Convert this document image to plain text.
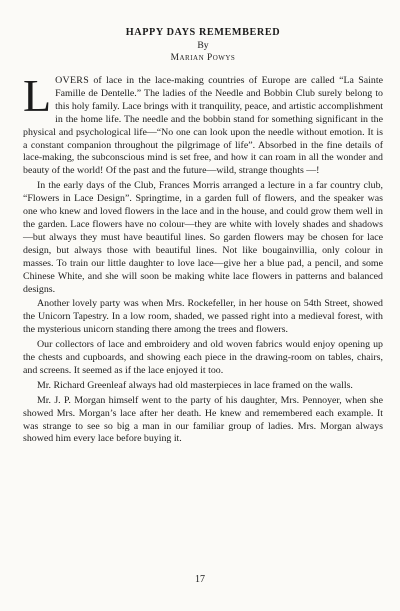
HAPPY DAYS REMEMBERED
By
Marian Powys

LOVERS of lace in the lace-making countries of Europe are called “La Sainte Famille de Dentelle.” The ladies of the Needle and Bobbin Club surely belong to this holy family. Lace brings with it tranquility, peace, and artistic accomplishment in the home life. The needle and the bobbin stand for something significant in the physical and psychological life—“No one can look upon the needle without emotion. It is a constant companion throughout the pilgrimage of life”. Absorbed in the fine details of lace-making, the subconscious mind is set free, and how it can roam in all the wonder and beauty of the world! Of the past and the future—wild, strange thoughts —!

In the early days of the Club, Frances Morris arranged a lecture in a far country club, “Flowers in Lace Design”. Springtime, in a garden full of flowers, and the speaker was one who knew and loved flowers in the lace and in the house, and could grow them well in the garden. Lace flowers have no colour—they are white with lovely shades and shadows—but always they must have beautiful lines. So garden flowers may be chosen for lace design, but always those with beautiful lines. Not like bougainvillia, only colour in masses. To train our little daughter to love lace—give her a blue pad, a pencil, and some Chinese White, and she will soon be making white lace flowers in patterns and balanced designs.

Another lovely party was when Mrs. Rockefeller, in her house on 54th Street, showed the Unicorn Tapestry. In a low room, shaded, we passed right into a medieval forest, with the mysterious unicorn standing there among the trees and flowers.

Our collectors of lace and embroidery and old woven fabrics would enjoy opening up the chests and cupboards, and showing each piece in the drawing-room on tables, chairs, and screens. It seemed as if the lace enjoyed it too.

Mr. Richard Greenleaf always had old masterpieces in lace framed on the walls.

Mr. J. P. Morgan himself went to the party of his daughter, Mrs. Pennoyer, when she showed Mrs. Morgan’s lace after her death. He knew and remembered each example. It was strange to see so big a man in our familiar group of ladies. Mrs. Morgan always showed him every lace before buying it.

17
